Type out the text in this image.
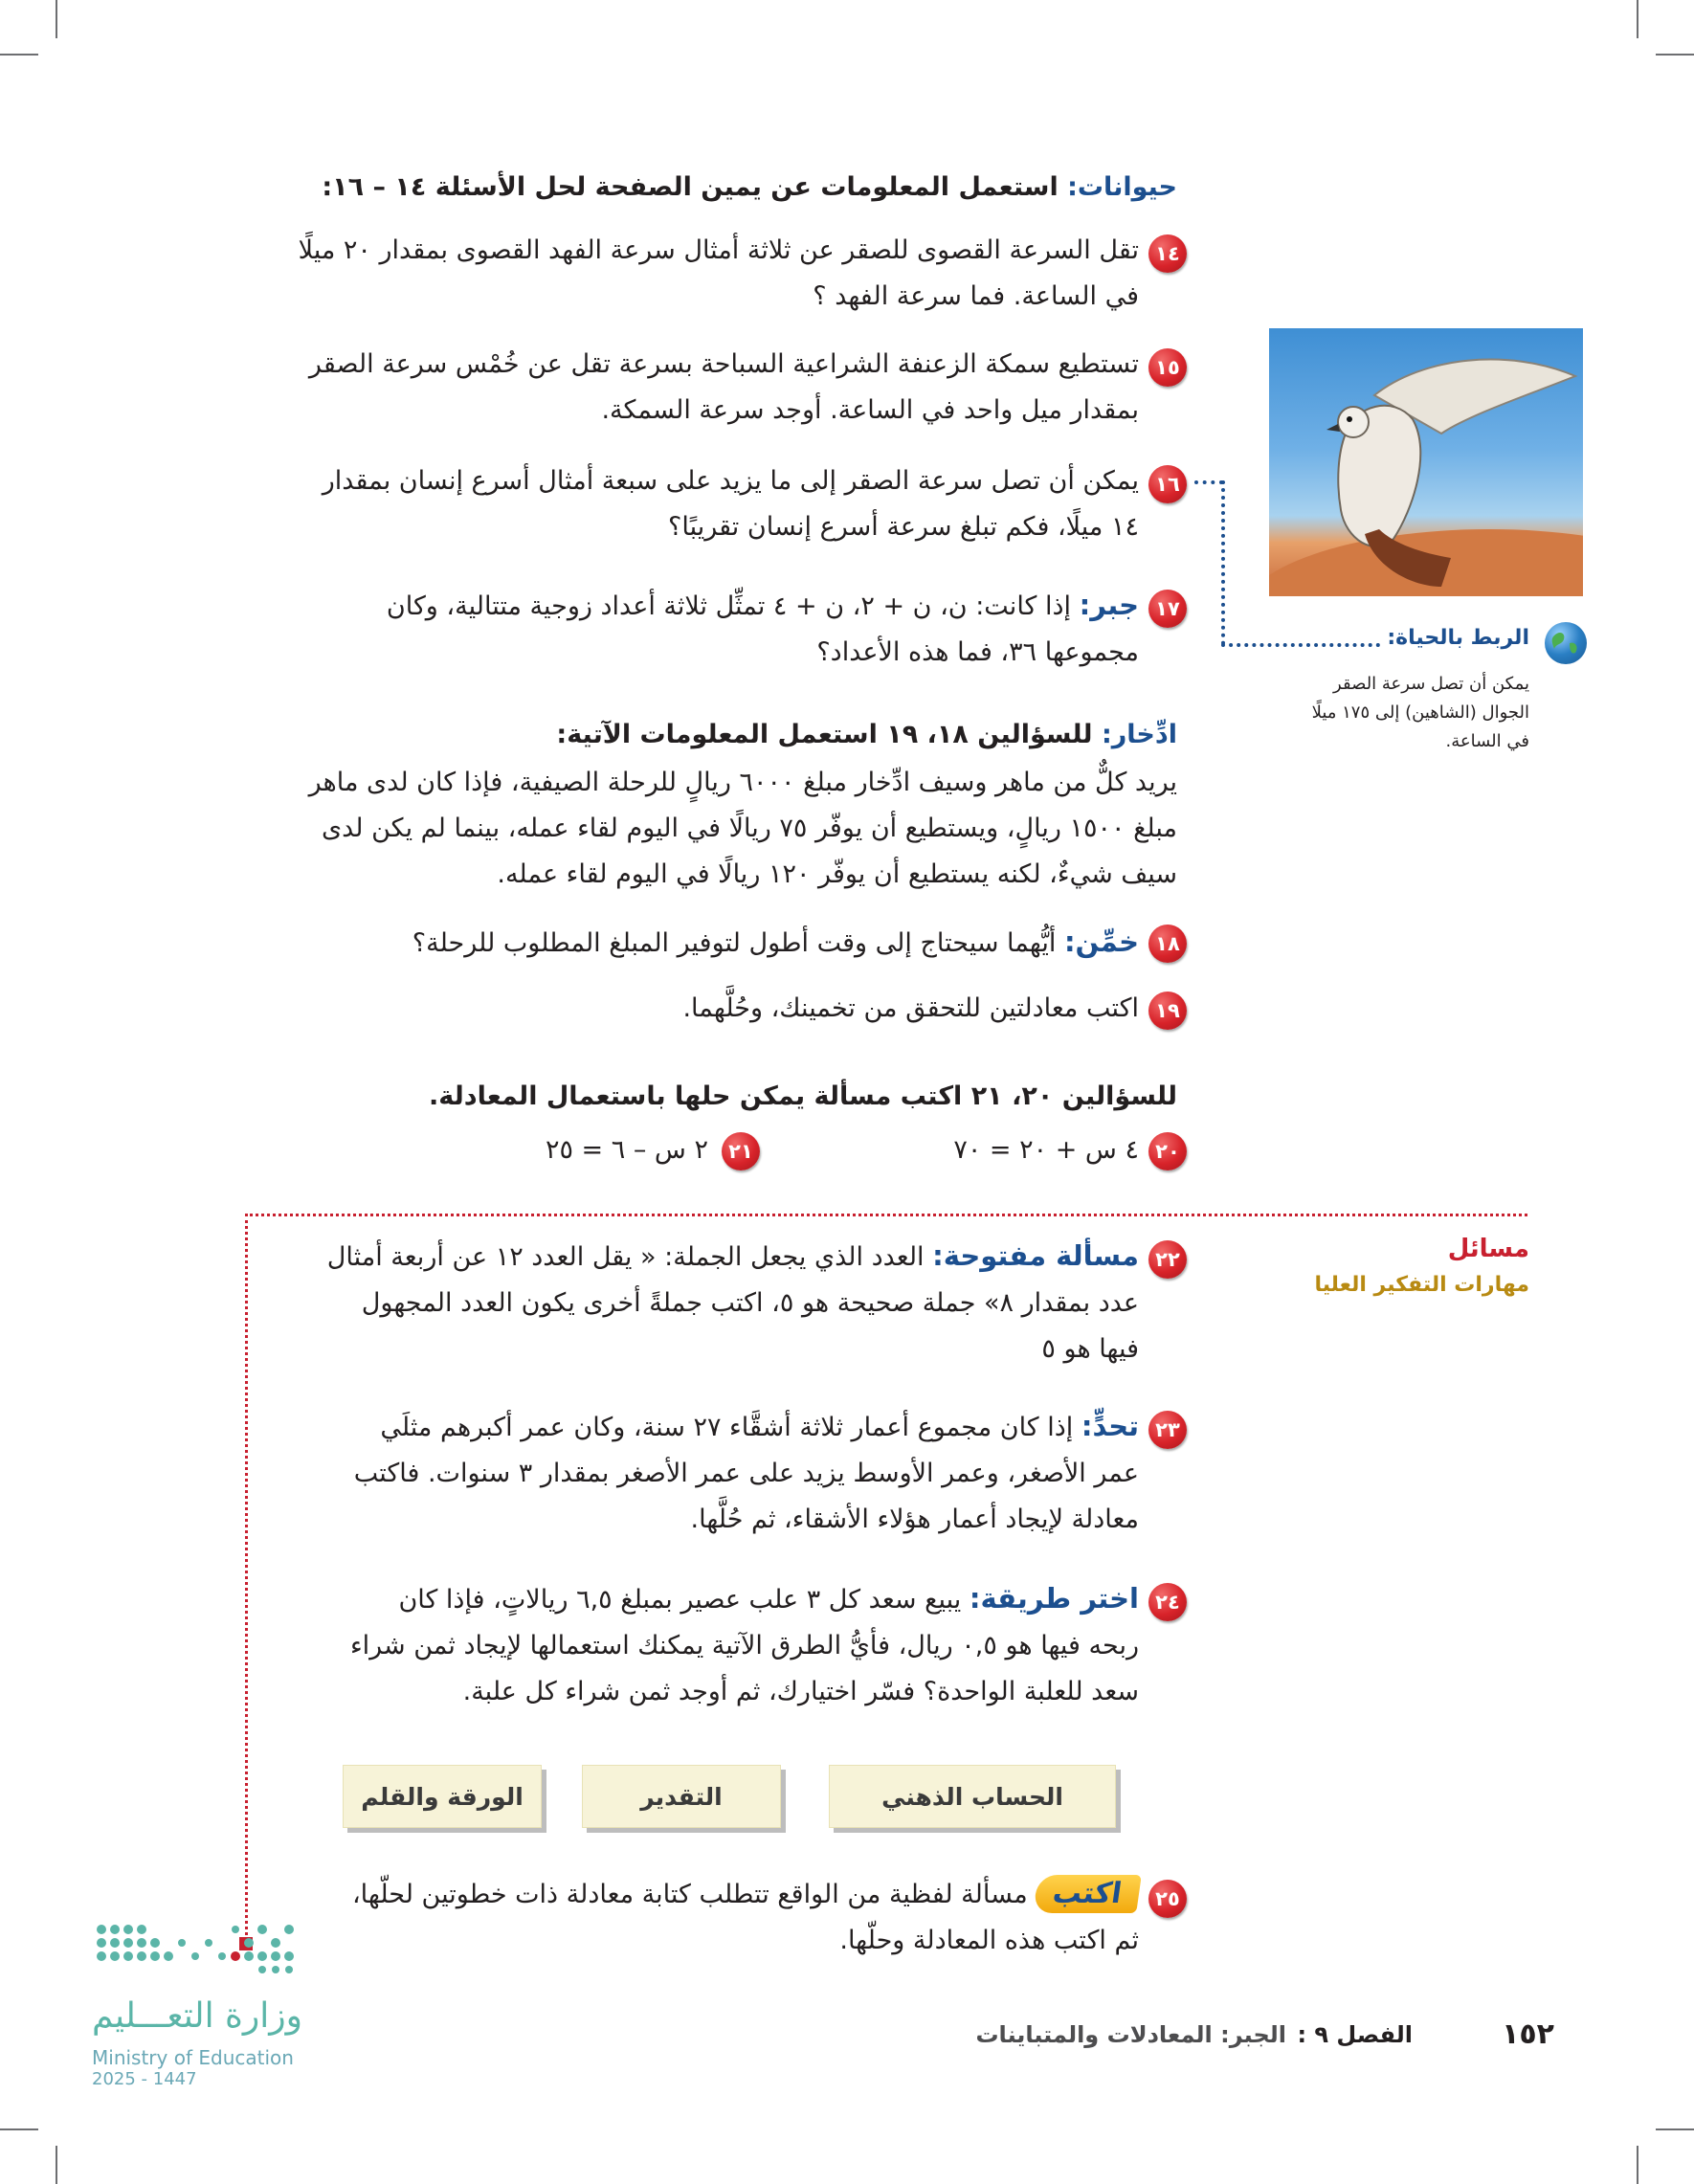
حيوانات: استعمل المعلومات عن يمين الصفحة لحل الأسئلة ١٤ – ١٦:
١٤
تقل السرعة القصوى للصقر عن ثلاثة أمثال سرعة الفهد القصوى بمقدار ٢٠ ميلًا
في الساعة. فما سرعة الفهد ؟
١٥
تستطيع سمكة الزعنفة الشراعية السباحة بسرعة تقل عن خُمْس سرعة الصقر
بمقدار ميل واحد في الساعة. أوجد سرعة السمكة.
١٦
يمكن أن تصل سرعة الصقر إلى ما يزيد على سبعة أمثال أسرع إنسان بمقدار
١٤ ميلًا، فكم تبلغ سرعة أسرع إنسان تقريبًا؟
١٧
جبر: إذا كانت: ن، ن + ٢، ن + ٤ تمثِّل ثلاثة أعداد زوجية متتالية، وكان
مجموعها ٣٦، فما هذه الأعداد؟	الربط بالحياة:
يمكن أن تصل سرعة الصقر
الجوال (الشاهين) إلى ١٧٥ ميلًا
في الساعة.
ادِّخار: للسؤالين ١٨، ١٩ استعمل المعلومات الآتية:
يريد كلٌّ من ماهر وسيف ادِّخار مبلغ ٦٠٠٠ ريالٍ للرحلة الصيفية، فإذا كان لدى ماهر
مبلغ ١٥٠٠ ريالٍ، ويستطيع أن يوفّر ٧٥ ريالًا في اليوم لقاء عمله، بينما لم يكن لدى
سيف شيءٌ، لكنه يستطيع أن يوفّر ١٢٠ ريالًا في اليوم لقاء عمله.
١٨
خمِّن: أيُّهما سيحتاج إلى وقت أطول لتوفير المبلغ المطلوب للرحلة؟
١٩
اكتب معادلتين للتحقق من تخمينك، وحُلَّهما.
للسؤالين ٢٠، ٢١ اكتب مسألة يمكن حلها باستعمال المعادلة.
٢٠
٤ س + ٢٠ = ٧٠
٢١
٢ س – ٦ = ٢٥
مسائل
مهارات التفكير العليا
٢٢
مسألة مفتوحة: العدد الذي يجعل الجملة: « يقل العدد ١٢ عن أربعة أمثال
عدد بمقدار ٨» جملة صحيحة هو ٥، اكتب جملةً أخرى يكون العدد المجهول
فيها هو ٥
٢٣
تحدٍّ: إذا كان مجموع أعمار ثلاثة أشقَّاء ٢٧ سنة، وكان عمر أكبرهم مثلَي
عمر الأصغر، وعمر الأوسط يزيد على عمر الأصغر بمقدار ٣ سنوات. فاكتب
معادلة لإيجاد أعمار هؤلاء الأشقاء، ثم حُلَّها.
٢٤
اختر طريقة: يبيع سعد كل ٣ علب عصير بمبلغ ٦,٥ ريالاتٍ، فإذا كان
ربحه فيها هو ٠,٥ ريال، فأيُّ الطرق الآتية يمكنك استعمالها لإيجاد ثمن شراء
سعد للعلبة الواحدة؟ فسّر اختيارك، ثم أوجد ثمن شراء كل علبة.
الحساب الذهني
التقدير
الورقة والقلم
٢٥
اكتب مسألة لفظية من الواقع تتطلب كتابة معادلة ذات خطوتين لحلّها،
ثم اكتب هذه المعادلة وحلّها.
وزارة التعـــليم
Ministry of Education
2025 - 1447
١٥٢
الفصل ٩ :
الجبر: المعادلات والمتباينات
